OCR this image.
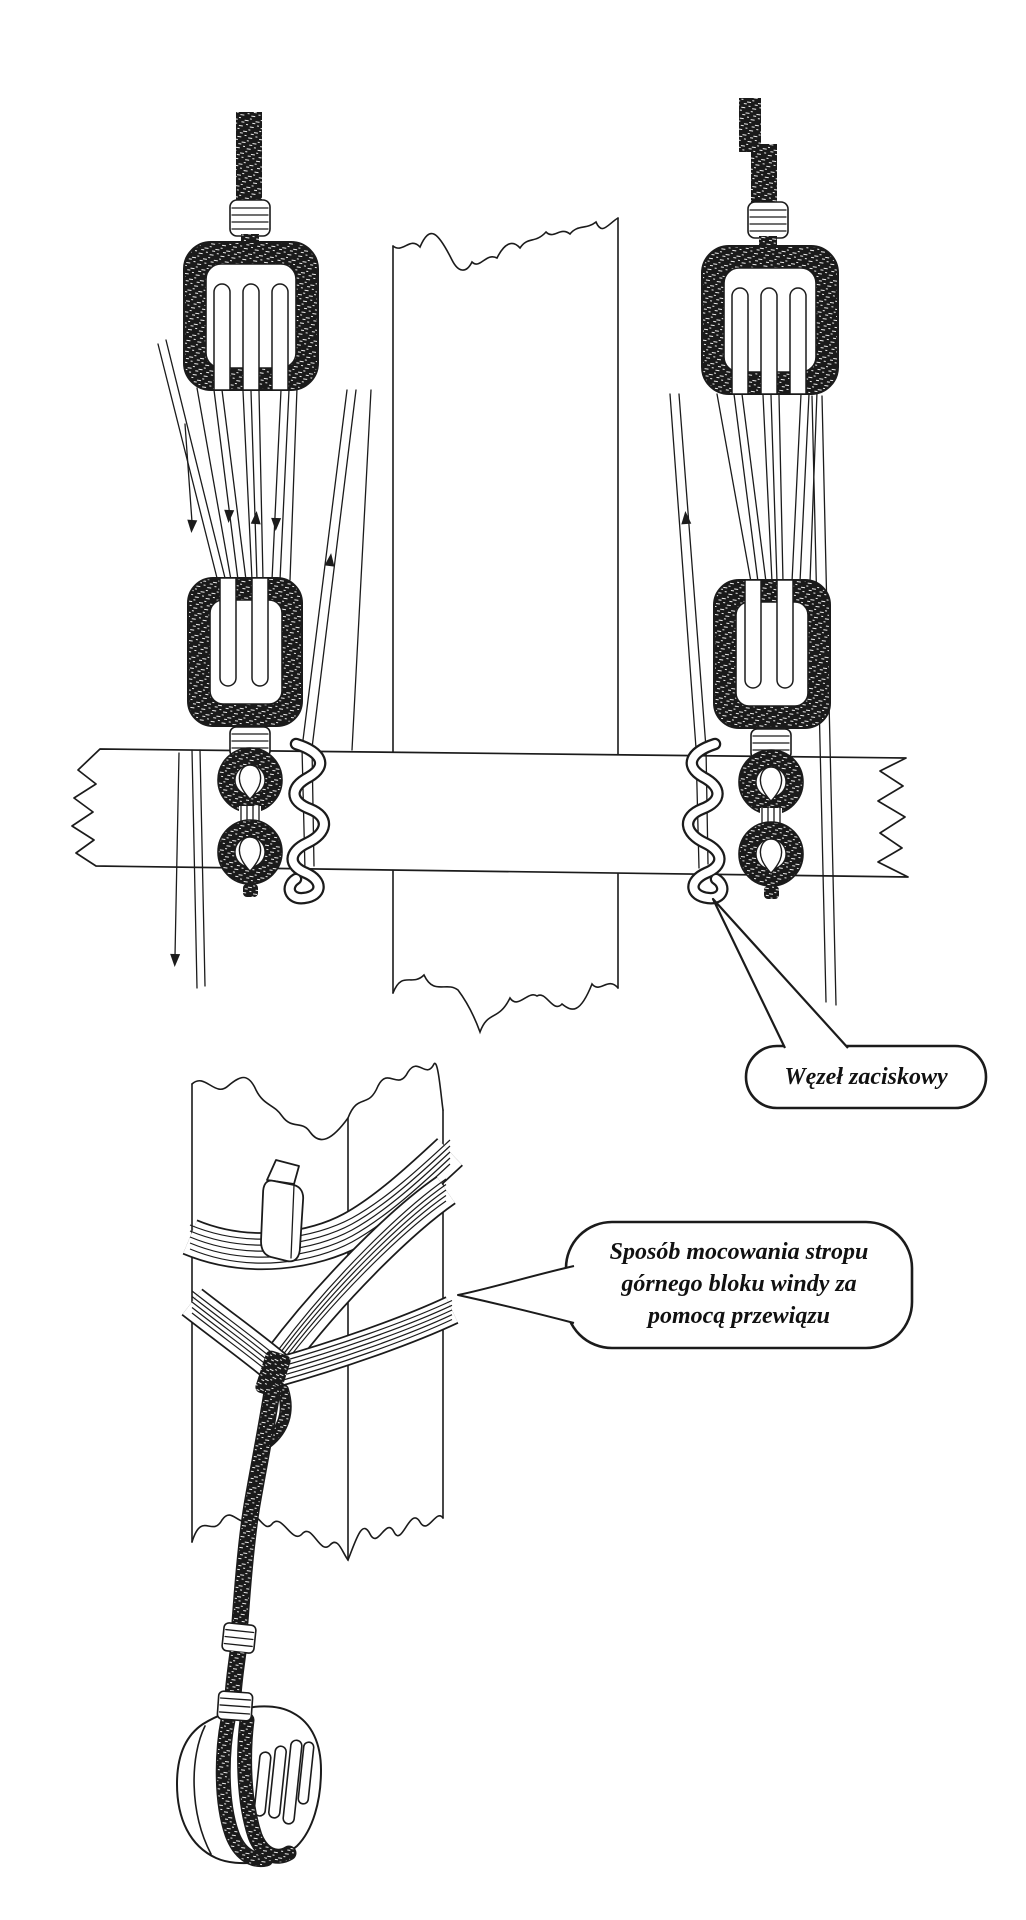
Węzeł zaciskowy
Sposób mocowania stropu górnego bloku windy za pomocą przewiązu
